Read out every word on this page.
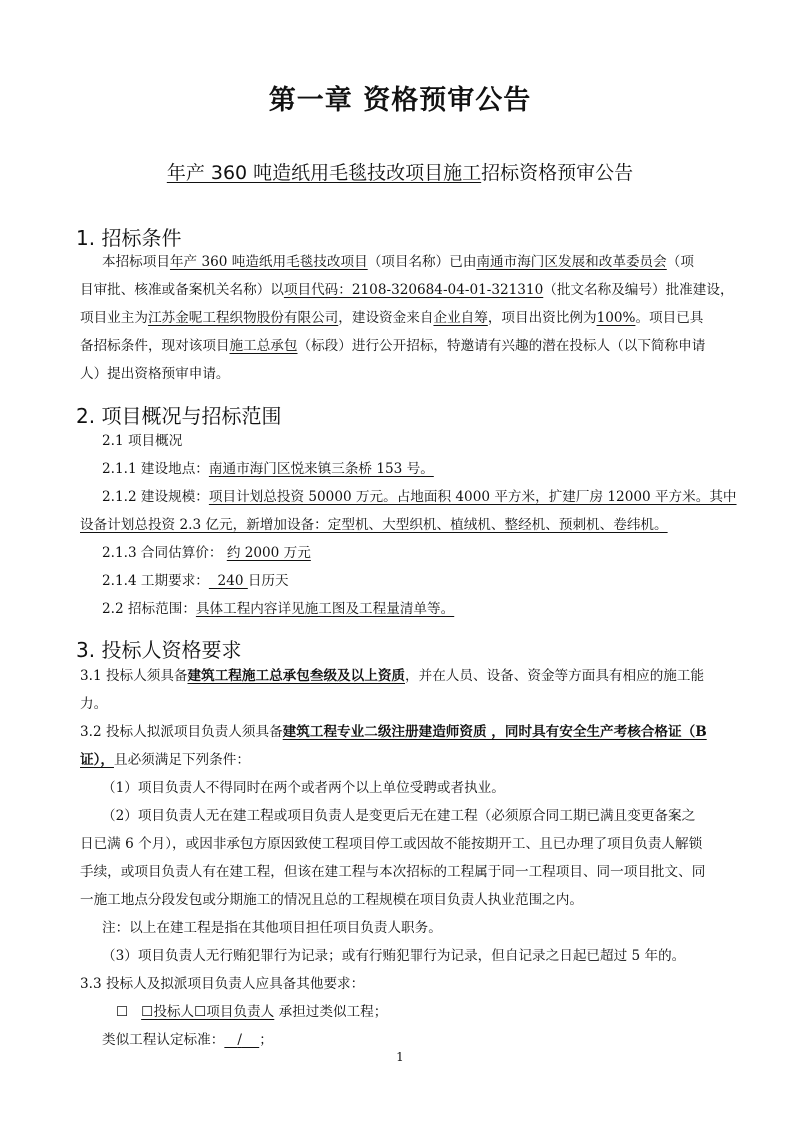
第一章 资格预审公告
年产 360 吨造纸用毛毯技改项目施工招标资格预审公告
1. 招标条件
本招标项目年产 360 吨造纸用毛毯技改项目（项目名称）已由南通市海门区发展和改革委员会（项
目审批、核准或备案机关名称）以项目代码：2108-320684-04-01-321310（批文名称及编号）批准建设，
项目业主为江苏金呢工程织物股份有限公司，建设资金来自企业自筹，项目出资比例为100%。项目已具
备招标条件，现对该项目施工总承包（标段）进行公开招标，特邀请有兴趣的潜在投标人（以下简称申请
人）提出资格预审申请。
2. 项目概况与招标范围
2.1 项目概况
2.1.1 建设地点：南通市海门区悦来镇三条桥 153 号。
2.1.2 建设规模：项目计划总投资 50000 万元。占地面积 4000 平方米，扩建厂房 12000 平方米。其中
设备计划总投资 2.3 亿元，新增加设备：定型机、大型织机、植绒机、整经机、预刺机、卷纬机。
2.1.3 合同估算价： 约 2000 万元
2.1.4 工期要求： 240 日历天
2.2 招标范围：具体工程内容详见施工图及工程量清单等。
3. 投标人资格要求
3.1 投标人须具备建筑工程施工总承包叁级及以上资质，并在人员、设备、资金等方面具有相应的施工能
力。
3.2 投标人拟派项目负责人须具备建筑工程专业二级注册建造师资质 ，同时具有安全生产考核合格证（B
证），且必须满足下列条件：
（1）项目负责人不得同时在两个或者两个以上单位受聘或者执业。
（2）项目负责人无在建工程或项目负责人是变更后无在建工程（必须原合同工期已满且变更备案之
日已满 6 个月），或因非承包方原因致使工程项目停工或因故不能按期开工、且已办理了项目负责人解锁
手续，或项目负责人有在建工程，但该在建工程与本次招标的工程属于同一工程项目、同一项目批文、同
一施工地点分段发包或分期施工的情况且总的工程规模在项目负责人执业范围之内。
注：以上在建工程是指在其他项目担任项目负责人职务。
（3）项目负责人无行贿犯罪行为记录；或有行贿犯罪行为记录，但自记录之日起已超过 5 年的。
3.3 投标人及拟派项目负责人应具备其他要求：
☐ ☐投标人☐项目负责人 承担过类似工程；
类似工程认定标准： / ；
1
